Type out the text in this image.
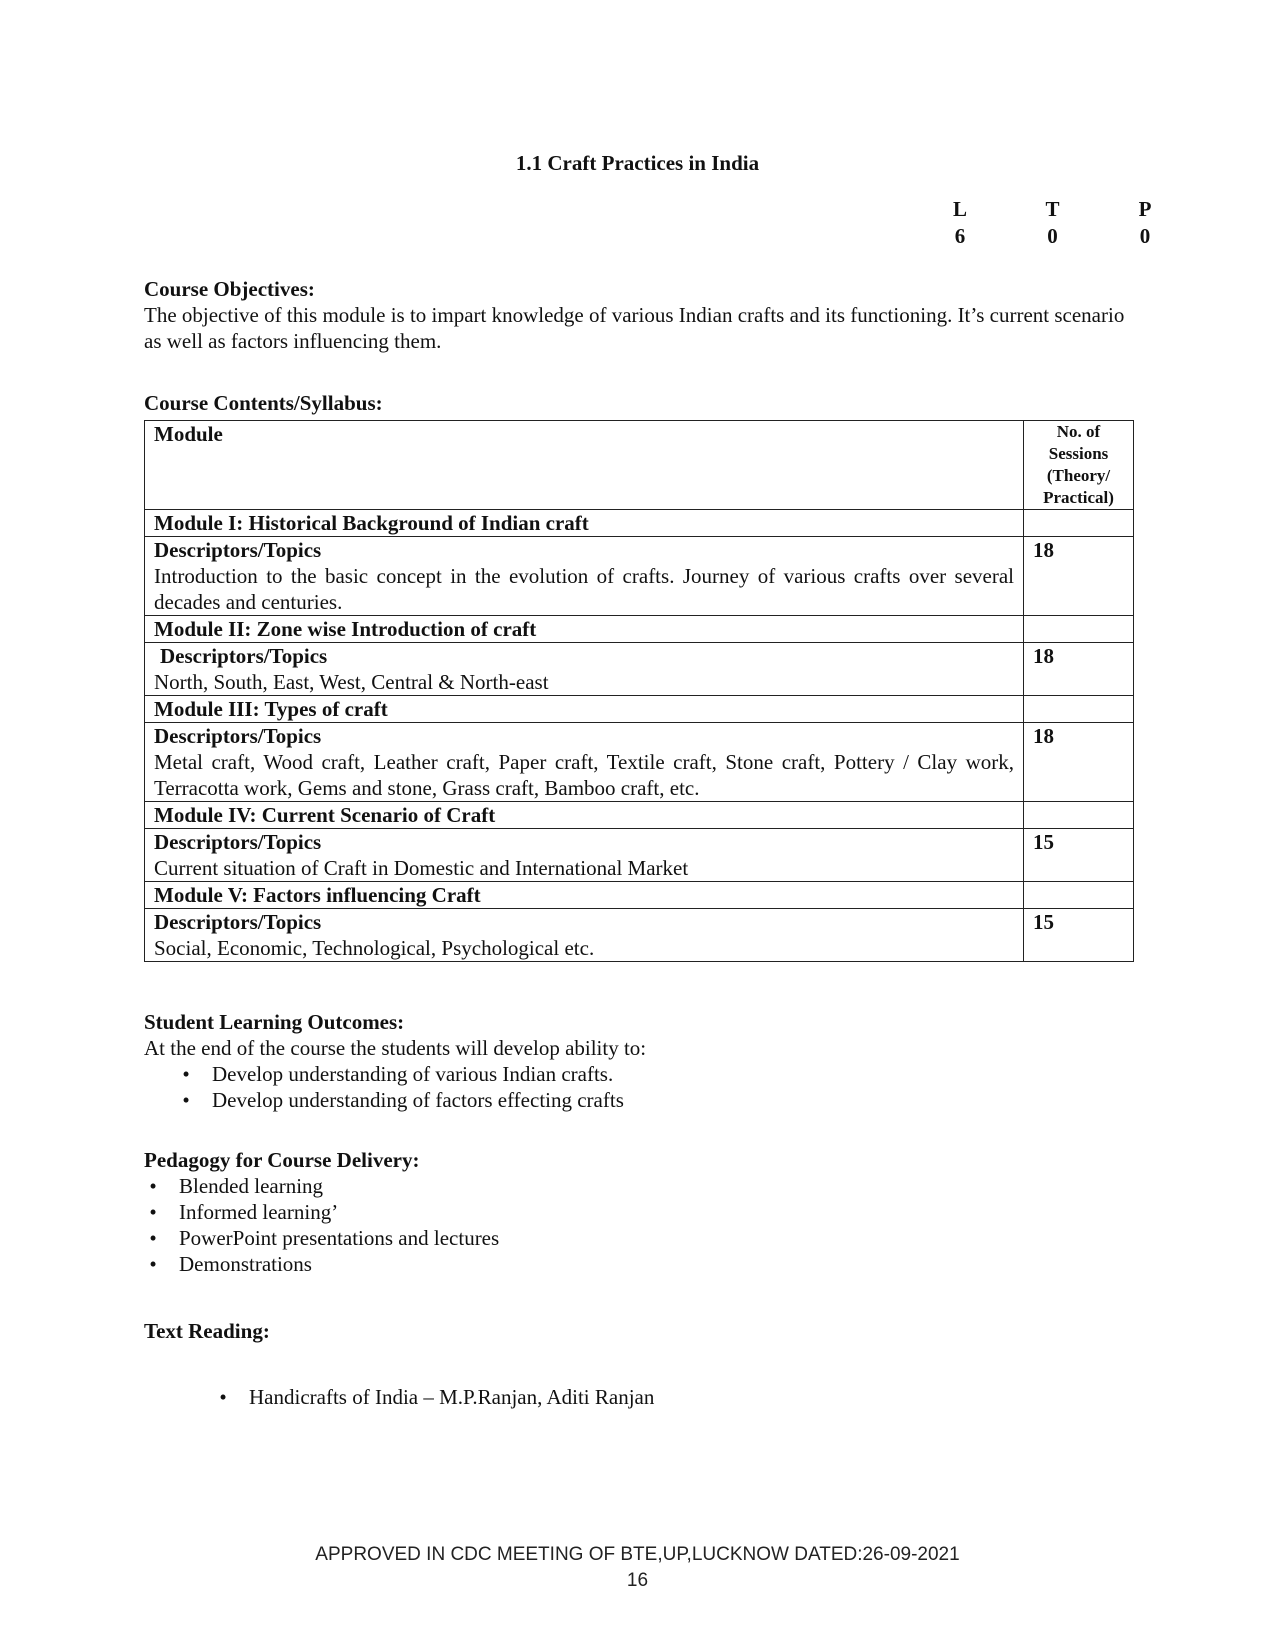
1.1 Craft Practices in India
L	T	P
6	0	0
Course Objectives:
The objective of this module is to impart knowledge of various Indian crafts and its functioning. It’s current scenario as well as factors influencing them.
Course Contents/Syllabus:
Module	No. of Sessions (Theory/ Practical)
Module I: Historical Background of Indian craft	

Descriptors/Topics
Introduction to the basic concept in the evolution of crafts. Journey of various crafts over several decades and centuries.	18
Module II: Zone wise Introduction of craft	

Descriptors/Topics
North, South, East, West, Central & North-east	18
Module III: Types of craft	

Descriptors/Topics
Metal craft, Wood craft, Leather craft, Paper craft, Textile craft, Stone craft, Pottery / Clay work, Terracotta work, Gems and stone, Grass craft, Bamboo craft, etc.	18
Module IV: Current Scenario of Craft	

Descriptors/Topics
Current situation of Craft in Domestic and International Market	15
Module V: Factors influencing Craft	

Descriptors/Topics
Social, Economic, Technological, Psychological etc.	15
Student Learning Outcomes:
At the end of the course the students will develop ability to:
• Develop understanding of various Indian crafts.
• Develop understanding of factors effecting crafts
Pedagogy for Course Delivery:
• Blended learning
• Informed learning’
• PowerPoint presentations and lectures
• Demonstrations
Text Reading:
• Handicrafts of India – M.P.Ranjan, Aditi Ranjan
APPROVED IN CDC MEETING OF BTE,UP,LUCKNOW DATED:26-09-2021
16
